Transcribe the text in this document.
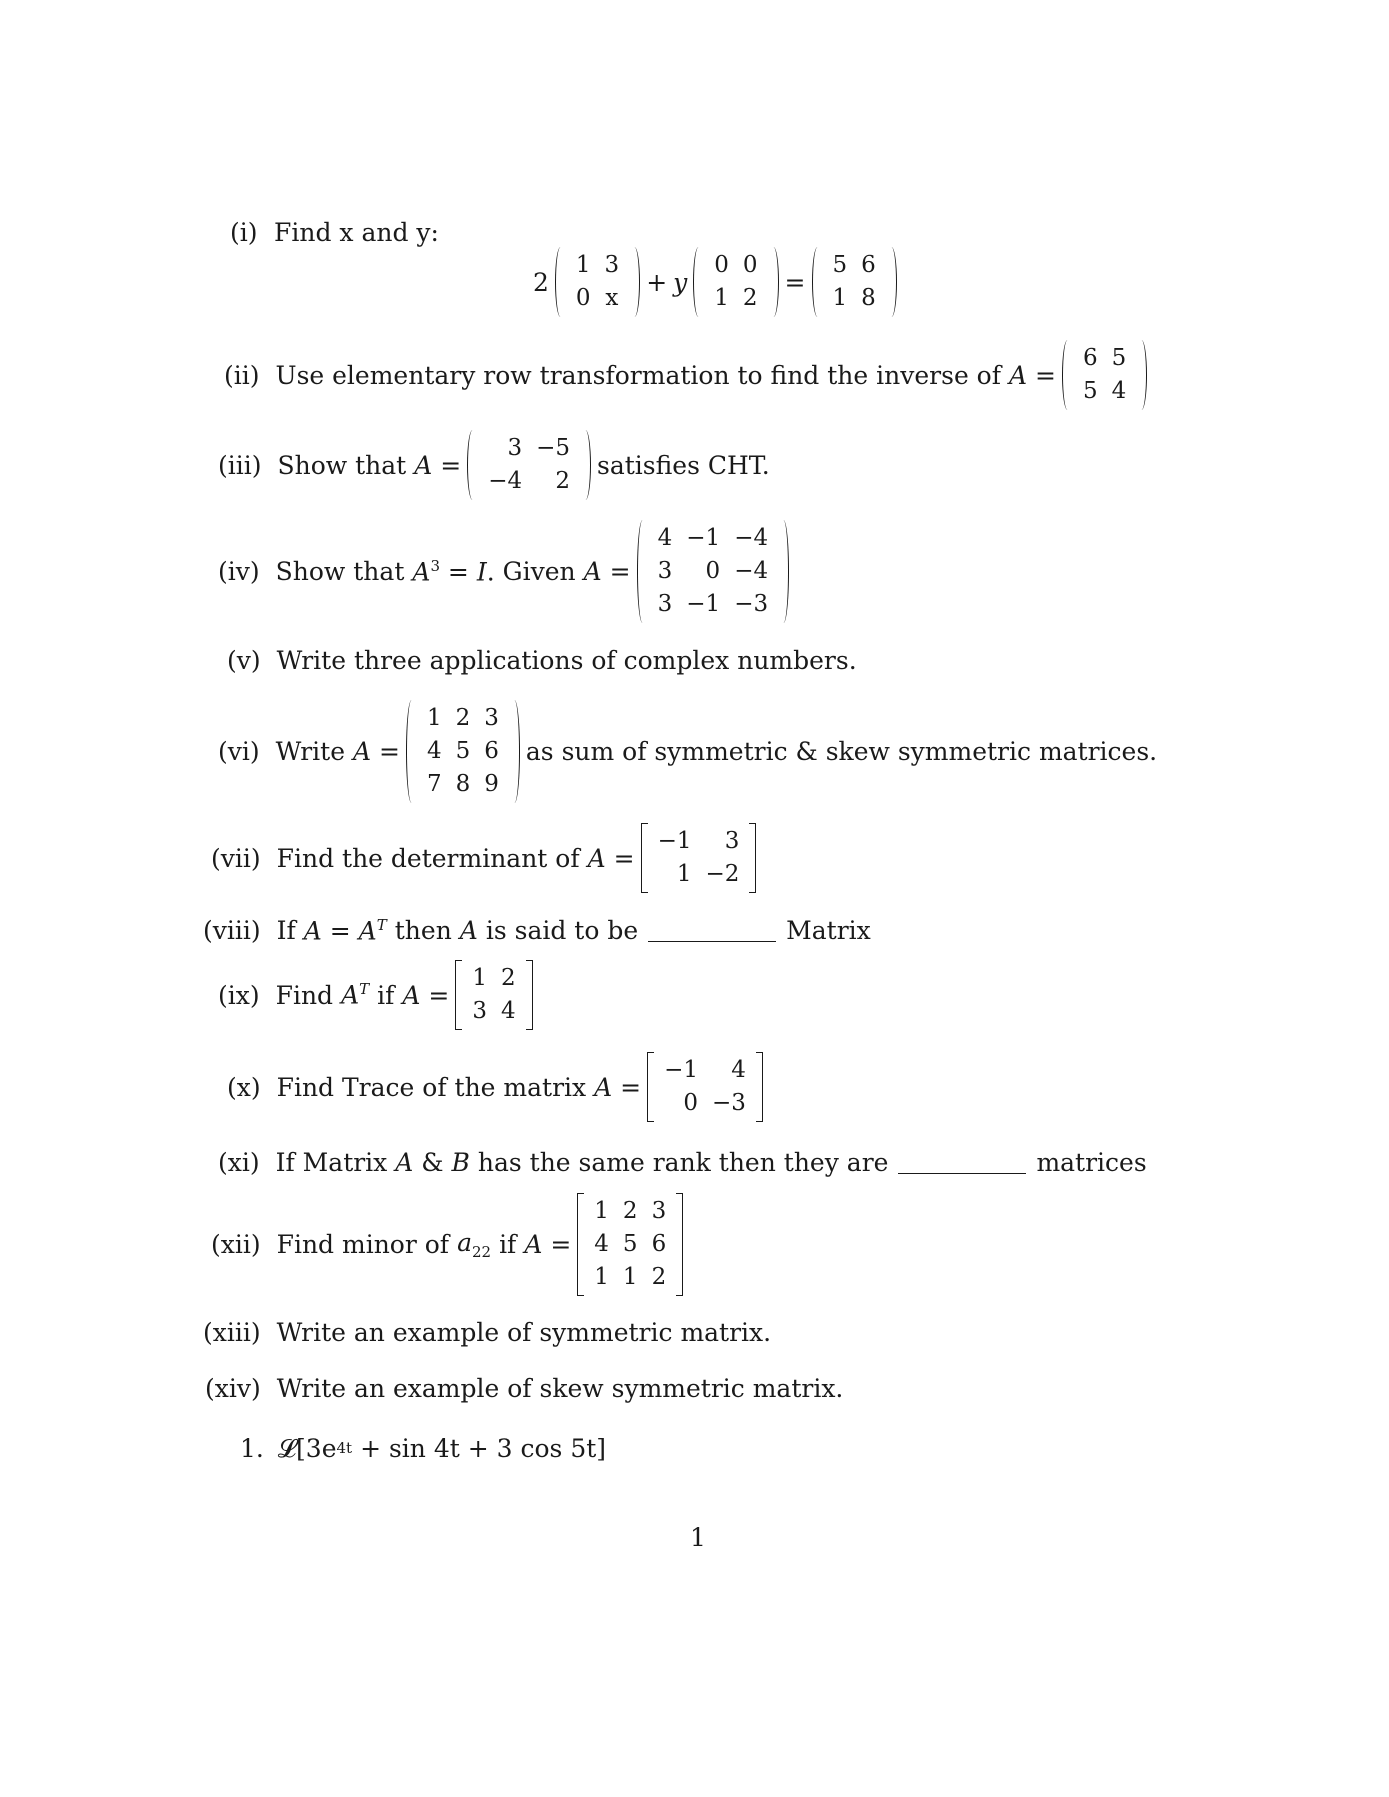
Find x and y:
(i)
2
1	3
0	x
+ y
0	0
1	2
=
5	6
1	8
(ii) Use elementary row transformation to find the inverse of A =
6	5
5	4
(iii) Show that A =
3	−5
−4	2
satisfies CHT.
(iv) Show that $A^3 = I$. Given A =
4	−1	−4
3	0	−4
3	−1	−3
(v) Write three applications of complex numbers.
(vi) Write A =
1	2	3
4	5	6
7	8	9
as sum of symmetric & skew symmetric matrices.
(vii) Find the determinant of A =
−1	3
1	−2
(viii) If $A = A^T$ then A is said to be	Matrix
(ix) Find $A^T$ if A =
1	2
3	4
(x) Find Trace of the matrix A =
−1	4
0	−3
(xi) If Matrix A & B has the same rank then they are	matrices
(xii) Find minor of $a_{22}$ if A =
1	2	3
4	5	6
1	1	2
(xiii) Write an example of symmetric matrix.
(xiv) Write an example of skew symmetric matrix.
1. 𝓛[3e 4t + sin 4t + 3 cos 5t]
1
